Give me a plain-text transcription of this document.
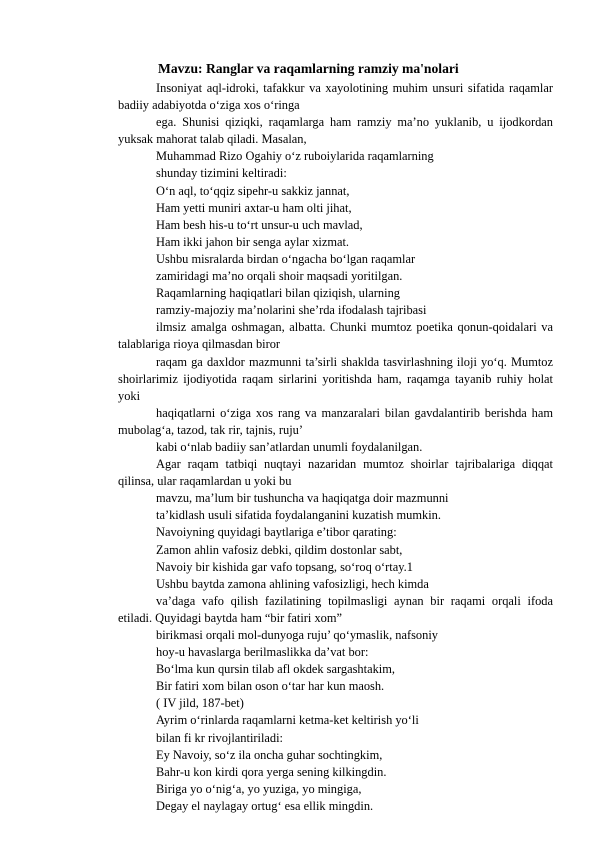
Mavzu: Ranglar va raqamlarning ramziy ma'nolari

Insoniyat aql-idroki, tafakkur va xayolotining muhim unsuri sifatida raqamlar badiiy adabiyotda o‘ziga xos o‘ringa

ega. Shunisi qiziqki, raqamlarga ham ramziy ma’no yuklanib, u ijodkordan yuksak mahorat talab qiladi. Masalan,

Muhammad Rizo Ogahiy o‘z ruboiylarida raqamlarning

shunday tizimini keltiradi:

O‘n aql, to‘qqiz sipehr-u sakkiz jannat,

Ham yetti muniri axtar-u ham olti jihat,

Ham besh his-u to‘rt unsur-u uch mavlad,

Ham ikki jahon bir senga aylar xizmat.

Ushbu misralarda birdan o‘ngacha bo‘lgan raqamlar

zamiridagi ma’no orqali shoir maqsadi yoritilgan.

Raqamlarning haqiqatlari bilan qiziqish, ularning

ramziy-majoziy ma’nolarini she’rda ifodalash tajribasi

ilmsiz amalga oshmagan, albatta. Chunki mumtoz poetika qonun-qoidalari va talablariga rioya qilmasdan biror

raqam ga daxldor mazmunni ta’sirli shaklda tasvirlashning iloji yo‘q. Mumtoz shoirlarimiz ijodiyotida raqam sirlarini yoritishda ham, raqamga tayanib ruhiy holat yoki

haqiqatlarni o‘ziga xos rang va manzaralari bilan gavdalantirib berishda ham mubolag‘a, tazod, tak rir, tajnis, ruju’

kabi o‘nlab badiiy san’atlardan unumli foydalanilgan.

Agar raqam tatbiqi nuqtayi nazaridan mumtoz shoirlar tajribalariga diqqat qilinsa, ular raqamlardan u yoki bu

mavzu, ma’lum bir tushuncha va haqiqatga doir mazmunni

ta’kidlash usuli sifatida foydalanganini kuzatish mumkin.

Navoiyning quyidagi baytlariga e’tibor qarating:

Zamon ahlin vafosiz debki, qildim dostonlar sabt,

Navoiy bir kishida gar vafo topsang, so‘roq o‘rtay.1

Ushbu baytda zamona ahlining vafosizligi, hech kimda

va’daga vafo qilish fazilatining topilmasligi aynan bir raqami orqali ifoda etiladi. Quyidagi baytda ham “bir fatiri xom”

birikmasi orqali mol-dunyoga ruju’ qo‘ymaslik, nafsoniy

hoy-u havaslarga berilmaslikka da’vat bor:

Bo‘lma kun qursin tilab afl okdek sargashtakim,

Bir fatiri xom bilan oson o‘tar har kun maosh.

( IV jild, 187-bet)

Ayrim o‘rinlarda raqamlarni ketma-ket keltirish yo‘li

bilan fi kr rivojlantiriladi:

Ey Navoiy, so‘z ila oncha guhar sochtingkim,

Bahr-u kon kirdi qora yerga sening kilkingdin.

Biriga yo o‘nig‘a, yo yuziga, yo mingiga,

Degay el naylagay ortug‘ esa ellik mingdin.
